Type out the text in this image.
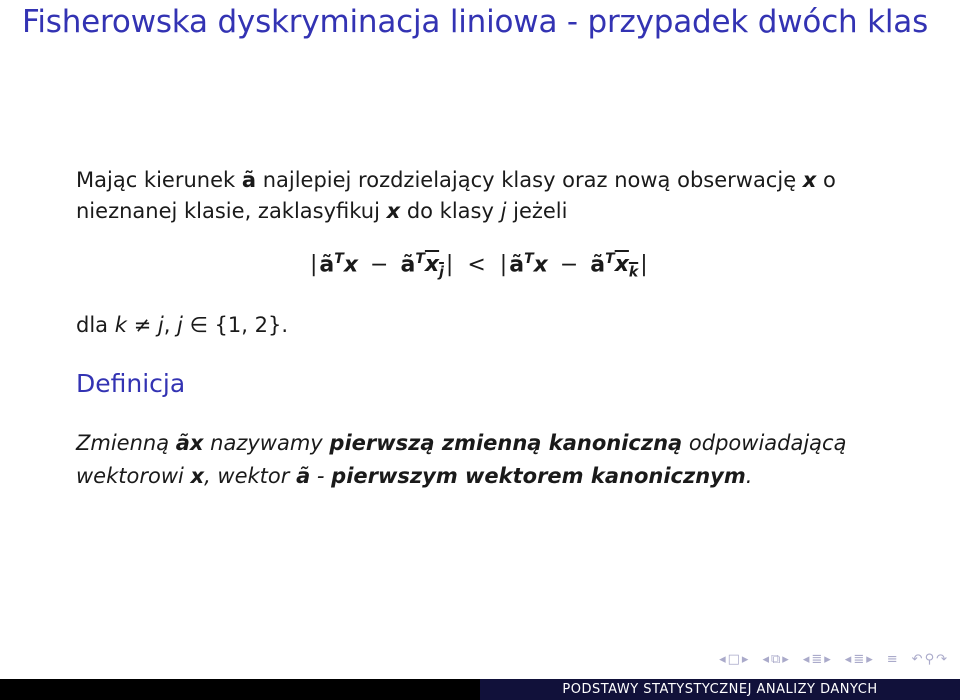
Fisherowska dyskryminacja liniowa - przypadek dwóch klas
Mając kierunek ã najlepiej rozdzielający klasy oraz nową obserwację x o nieznanej klasie, zaklasyfikuj x do klasy j jeżeli
$|ã^Tx$ − $ã^Tx_j|$ < $|ã^Tx$ − $ã^Tx_k|$
dla k ≠ j, j ∈ {1, 2}.
Definicja
Zmienną ãx nazywamy pierwszą zmienną kanoniczną odpowiadającą wektorowi x, wektor ã - pierwszym wektorem kanonicznym.
◂ □ ▸ ◂ ⧉ ▸ ◂ ≣ ▸ ◂ ≣ ▸ ≡ ↶ ⚲ ↷
PODSTAWY STATYSTYCZNEJ ANALIZY DANYCH
